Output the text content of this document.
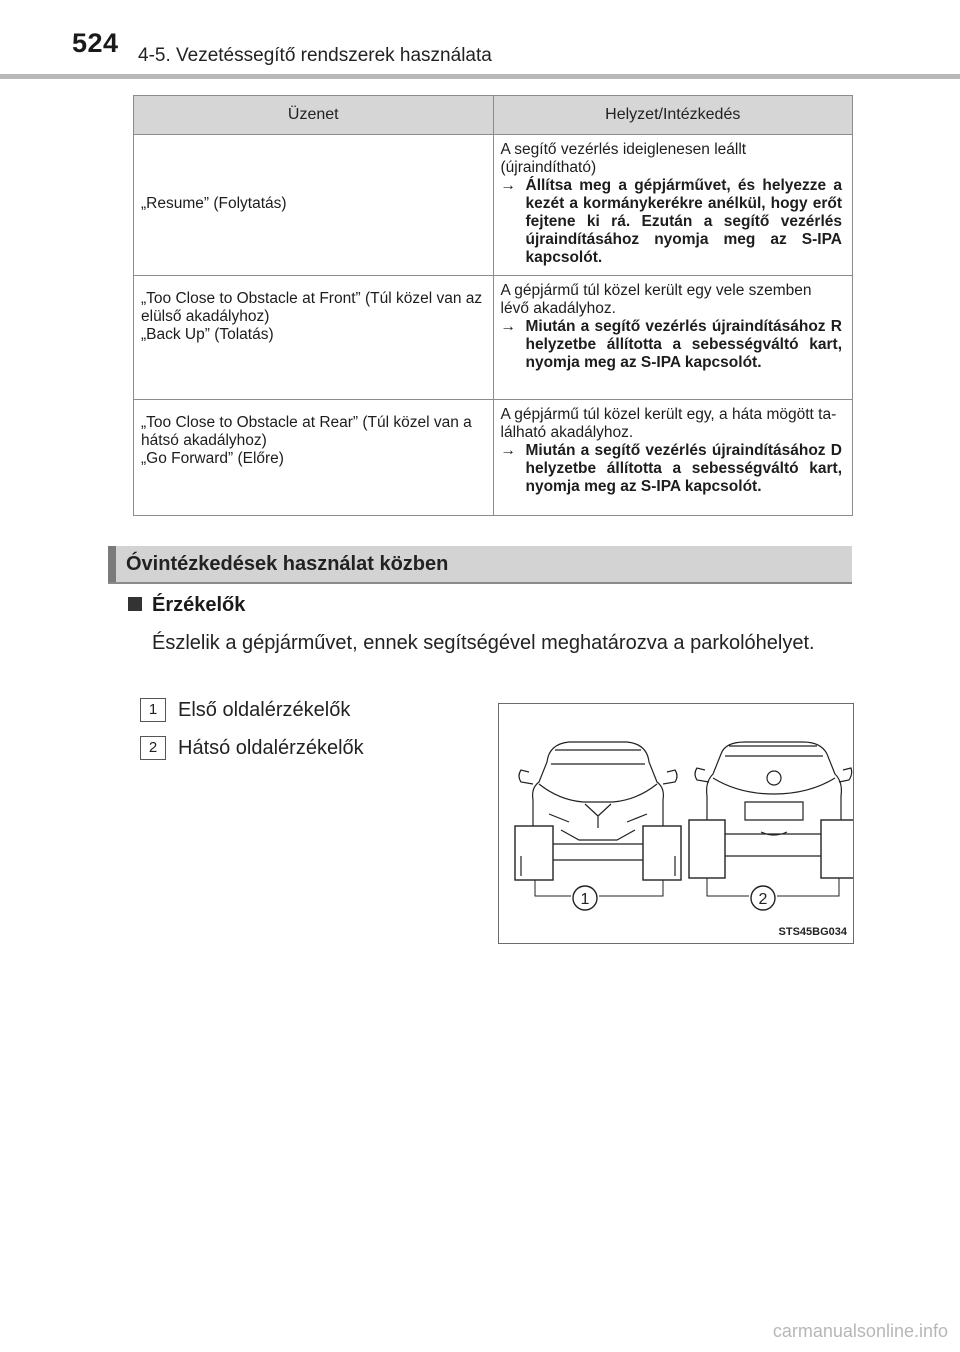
524 4-5. Vezetéssegítő rendszerek használata
Üzenet	Helyzet/Intézkedés

„Resume” (Folytatás)	A segítő vezérlés ideiglenesen leállt (újraindítható)
→ Állítsa meg a gépjárművet, és helyezze a kezét a kormánykerékre anélkül, hogy erőt fejtene ki rá. Ezután a segítő vezérlés újraindításához nyomja meg az S-IPA kapcsolót.

„Too Close to Obstacle at Front” (Túl közel van az elülső akadályhoz)
„Back Up” (Tolatás)	A gépjármű túl közel került egy vele szemben lévő akadályhoz.
→ Miután a segítő vezérlés újraindításához R helyzetbe állította a sebességváltó kart, nyomja meg az S-IPA kapcsolót.

„Too Close to Obstacle at Rear” (Túl közel van a hátsó akadályhoz)
„Go Forward” (Előre)	A gépjármű túl közel került egy, a háta mögött található akadályhoz.
→ Miután a segítő vezérlés újraindításához D helyzetbe állította a sebességváltó kart, nyomja meg az S-IPA kapcsolót.
Óvintézkedések használat közben
Érzékelők
Észlelik a gépjárművet, ennek segítségével meghatározva a parkolóhelyet.
1 Első oldalérzékelők
2 Hátsó oldalérzékelők
1	2
STS45BG034
carmanualsonline.info
